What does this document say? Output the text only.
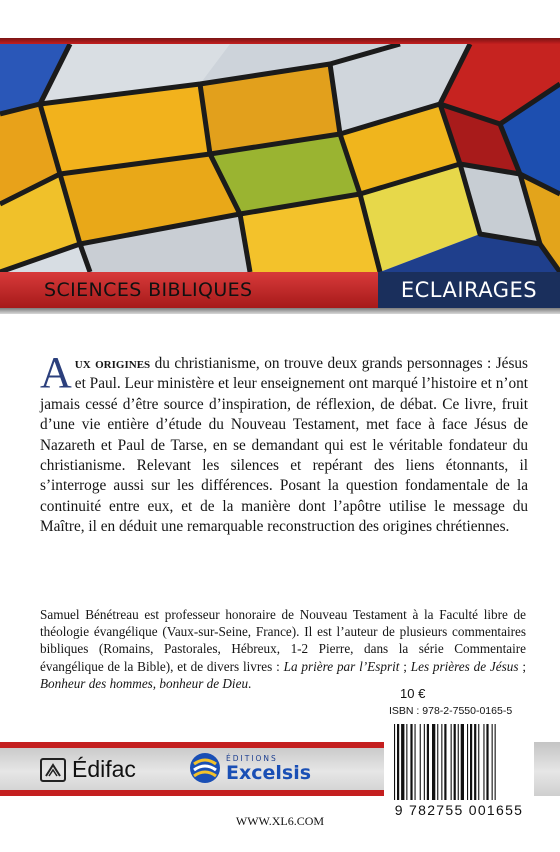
SCIENCES BIBLIQUES	ECLAIRAGES

Aux origines du christianisme, on trouve deux grands personnages : Jésus et Paul. Leur ministère et leur enseignement ont marqué l’histoire et n’ont jamais cessé d’être source d’inspiration, de réflexion, de débat. Ce livre, fruit d’une vie entière d’étude du Nouveau Testament, met face à face Jésus de Nazareth et Paul de Tarse, en se demandant qui est le véritable fondateur du christianisme. Relevant les silences et repérant des liens étonnants, il s’interroge aussi sur les différences. Posant la question fondamentale de la continuité entre eux, et de la manière dont l’apôtre utilise le message du Maître, il en déduit une remarquable reconstruction des origines chrétiennes.

Samuel Bénétreau est professeur honoraire de Nouveau Testament à la Faculté libre de théologie évangélique (Vaux-sur-Seine, France). Il est l’auteur de plusieurs commentaires bibliques (Romains, Pastorales, Hébreux, 1-2 Pierre, dans la série Commentaire évangélique de la Bible), et de divers livres : La prière par l’Esprit ; Les prières de Jésus ; Bonheur des hommes, bonheur de Dieu.

10 €
ISBN : 978-2-7550-0165-5
Édifac	ÉDITIONS
Excelsis
9 782755 001655
WWW.XL6.COM
